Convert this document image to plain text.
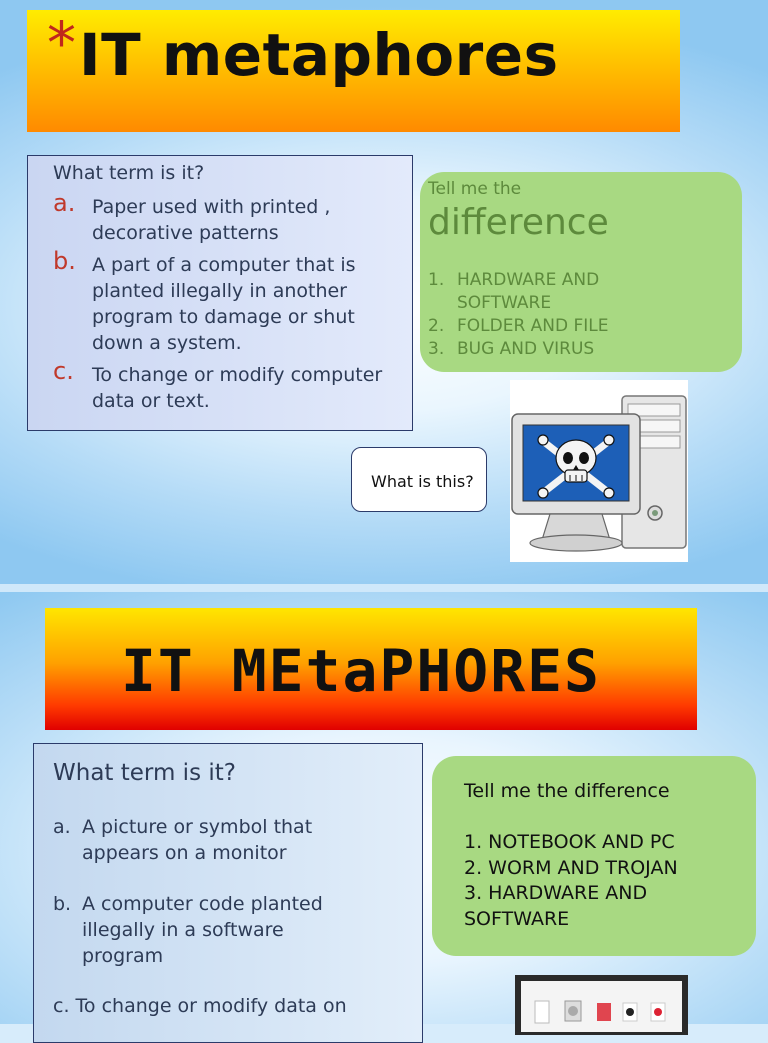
* IT metaphores
What term is it?
a. Paper used with printed ,
decorative patterns
b. A part of a computer that is
planted illegally in another
program to damage or shut
down a system.
c. To change or modify computer
data or text.
Tell me the
difference
1. HARDWARE AND
SOFTWARE
2. FOLDER AND FILE
3. BUG AND VIRUS
What is this?
IT MEtaPHORES
What term is it?
a. A picture or symbol that
appears on a monitor
b. A computer code planted
illegally in a software
program
c. To change or modify data on
Tell me the difference
1. NOTEBOOK AND PC
2. WORM AND TROJAN
3. HARDWARE AND
SOFTWARE
